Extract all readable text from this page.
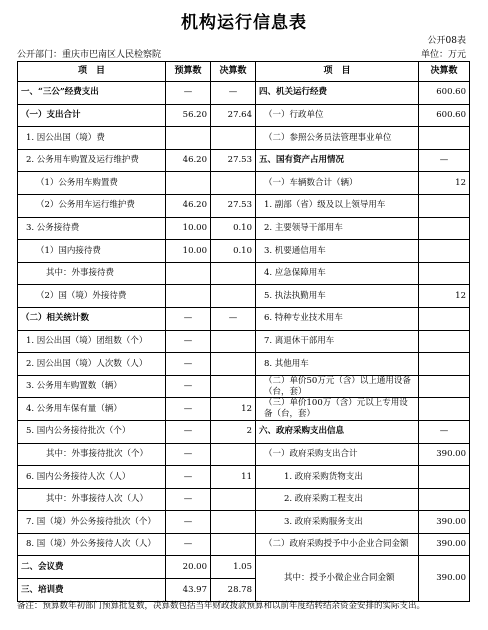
机构运行信息表
公开08表
公开部门：重庆市巴南区人民检察院	单位：万元
项　目	预算数	决算数	项　目	决算数
一、“三公”经费支出	—	—	四、机关运行经费	600.60
（一）支出合计	56.20	27.64	（一）行政单位	600.60
1. 因公出国（境）费			（二）参照公务员法管理事业单位	
2. 公务用车购置及运行维护费	46.20	27.53	五、国有资产占用情况	—
（1）公务用车购置费			（一）车辆数合计（辆）	12
（2）公务用车运行维护费	46.20	27.53	1. 副部（省）级及以上领导用车	
3. 公务接待费	10.00	0.10	2. 主要领导干部用车	
（1）国内接待费	10.00	0.10	3. 机要通信用车	
其中：外事接待费			4. 应急保障用车	
（2）国（境）外接待费			5. 执法执勤用车	12
（二）相关统计数	—	—	6. 特种专业技术用车	
1. 因公出国（境）团组数（个）	—		7. 离退休干部用车	
2. 因公出国（境）人次数（人）	—		8. 其他用车	
3. 公务用车购置数（辆）	—		（二）单价50万元（含）以上通用设备（台，套）	
4. 公务用车保有量（辆）	—	12	（三）单价100万（含）元以上专用设备（台，套）	
5. 国内公务接待批次（个）	—	2	六、政府采购支出信息	—
其中：外事接待批次（个）	—		（一）政府采购支出合计	390.00
6. 国内公务接待人次（人）	—	11	1. 政府采购货物支出	
其中：外事接待人次（人）	—		2. 政府采购工程支出	
7. 国（境）外公务接待批次（个）	—		3. 政府采购服务支出	390.00
8. 国（境）外公务接待人次（人）	—		（二）政府采购授予中小企业合同金额	390.00
二、会议费	20.00	1.05	其中：授予小微企业合同金额	390.00
三、培训费	43.97	28.78		
备注：预算数年初部门预算批复数，决算数包括当年财政拨款预算和以前年度结转结余资金安排的实际支出。
